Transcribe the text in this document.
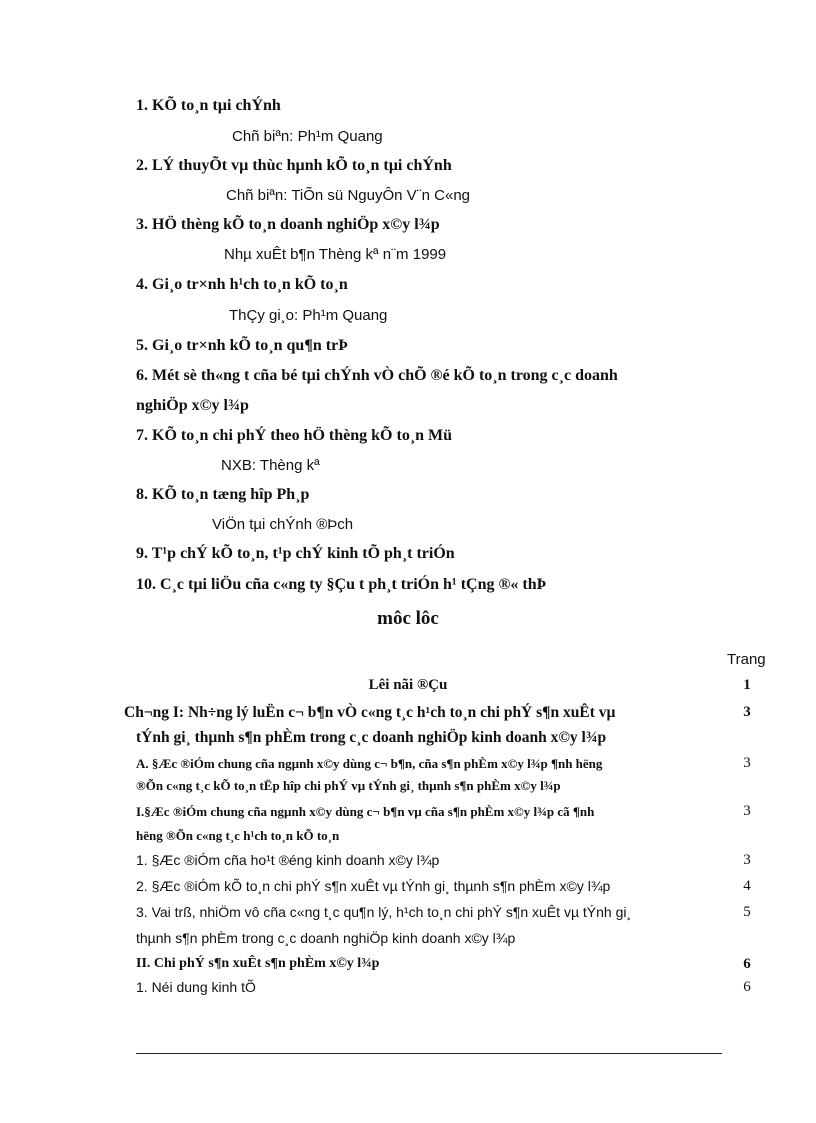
1. KÕ to¸n tµi chÝnh
Chñ biªn: Ph¹m Quang
2. LÝ thuyÕt vµ thùc hµnh kÕ to¸n tµi chÝnh
Chñ biªn: TiÕn sü NguyÔn V¨n C«ng
3. HÖ thèng kÕ to¸n doanh nghiÖp x©y l¾p
Nhµ xuÊt b¶n Thèng kª n¨m 1999
4. Gi¸o tr×nh h¹ch to¸n kÕ to¸n
ThÇy gi¸o: Ph¹m Quang
5. Gi¸o tr×nh kÕ to¸n qu¶n trÞ
6. Mét sè th«ng t cña bé tµi chÝnh vÒ chÕ ®é kÕ to¸n trong c¸c doanh
nghiÖp x©y l¾p
7. KÕ to¸n chi phÝ theo hÖ thèng kÕ to¸n Mü
NXB: Thèng kª
8. KÕ to¸n tæng hîp Ph¸p
ViÖn tµi chÝnh ®Þch
9. T¹p chÝ kÕ to¸n, t¹p chÝ kinh tÕ ph¸t triÓn
10. C¸c tµi liÖu cña c«ng ty §Çu t ph¸t triÓn h¹ tÇng ®« thÞ
môc lôc
Trang
Lêi nãi ®Çu	1
Ch¬ng I: Nh÷ng lý luËn c¬ b¶n vÒ c«ng t¸c h¹ch to¸n chi phÝ s¶n xuÊt vµ
tÝnh gi¸ thµnh s¶n phÈm trong c¸c doanh nghiÖp kinh doanh x©y l¾p
3
A. §Æc ®iÓm chung cña ngµnh x©y dùng c¬ b¶n, cña s¶n phÈm x©y l¾p ¶nh hëng
®Õn c«ng t¸c kÕ to¸n tËp hîp chi phÝ vµ tÝnh gi¸ thµnh s¶n phÈm x©y l¾p
3
I.§Æc ®iÓm chung cña ngµnh x©y dùng c¬ b¶n vµ cña s¶n phÈm x©y l¾p cã ¶nh
hëng ®Õn c«ng t¸c h¹ch to¸n kÕ to¸n
3
1. §Æc ®iÓm cña ho¹t ®éng kinh doanh x©y l¾p	3
2. §Æc ®iÓm kÕ to¸n chi phÝ s¶n xuÊt vµ tÝnh gi¸ thµnh s¶n phÈm x©y l¾p	4
3. Vai trß, nhiÖm vô cña c«ng t¸c qu¶n lý, h¹ch to¸n chi phÝ s¶n xuÊt vµ tÝnh gi¸
thµnh s¶n phÈm trong c¸c doanh nghiÖp kinh doanh x©y l¾p
5
II. Chi phÝ s¶n xuÊt s¶n phÈm x©y l¾p	6
1. Néi dung kinh tÕ	6
